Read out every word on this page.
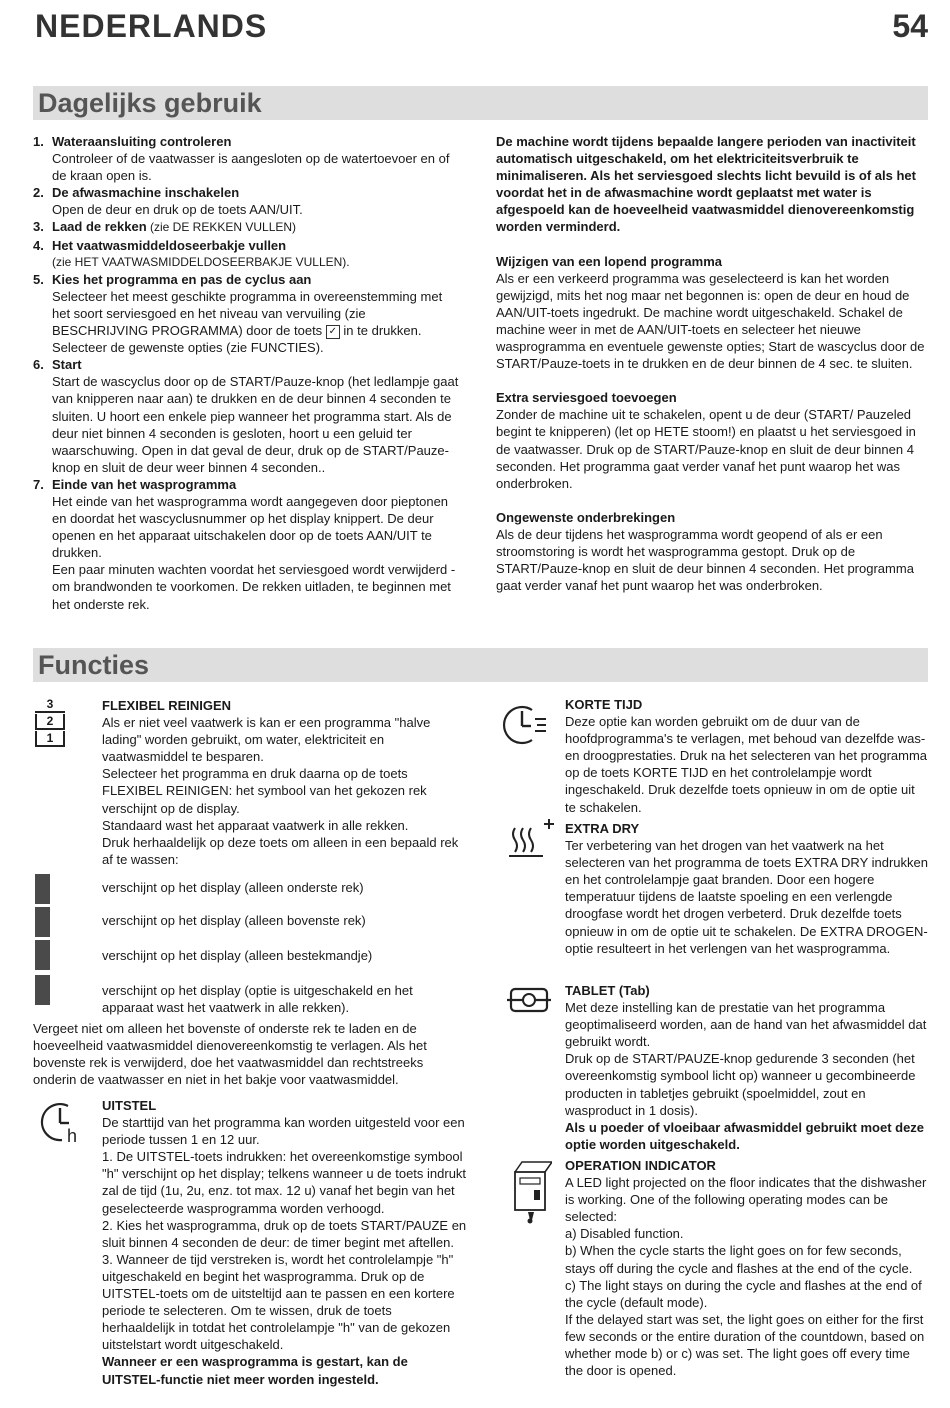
NEDERLANDS	54
Dagelijks gebruik
1. Wateraansluiting controleren
Controleer of de vaatwasser is aangesloten op de watertoevoer en of de kraan open is.
2. De afwasmachine inschakelen
Open de deur en druk op de toets AAN/UIT.
3. Laad de rekken (zie DE REKKEN VULLEN)
4. Het vaatwasmiddeldoseerbakje vullen
(zie HET VAATWASMIDDELDOSEERBAKJE VULLEN).
5. Kies het programma en pas de cyclus aan
Selecteer het meest geschikte programma in overeenstemming met het soort serviesgoed en het niveau van vervuiling (zie BESCHRIJVING PROGRAMMA) door de toets ✓ in te drukken. Selecteer de gewenste opties (zie FUNCTIES).
6. Start
Start de wascyclus door op de START/Pauze-knop (het ledlampje gaat van knipperen naar aan) te drukken en de deur binnen 4 seconden te sluiten. U hoort een enkele piep wanneer het programma start. Als de deur niet binnen 4 seconden is gesloten, hoort u een geluid ter waarschuwing. Open in dat geval de deur, druk op de START/Pauze-knop en sluit de deur weer binnen 4 seconden..
7. Einde van het wasprogramma
Het einde van het wasprogramma wordt aangegeven door pieptonen en doordat het wascyclusnummer op het display knippert. De deur openen en het apparaat uitschakelen door op de toets AAN/UIT te drukken.
Een paar minuten wachten voordat het serviesgoed wordt verwijderd - om brandwonden te voorkomen. De rekken uitladen, te beginnen met het onderste rek.
De machine wordt tijdens bepaalde langere perioden van inactiviteit automatisch uitgeschakeld, om het elektriciteitsverbruik te minimaliseren. Als het serviesgoed slechts licht bevuild is of als het voordat het in de afwasmachine wordt geplaatst met water is afgespoeld kan de hoeveelheid vaatwasmiddel dienovereenkomstig worden verminderd.
Wijzigen van een lopend programma
Als er een verkeerd programma was geselecteerd is kan het worden gewijzigd, mits het nog maar net begonnen is: open de deur en houd de AAN/UIT-toets ingedrukt. De machine wordt uitgeschakeld. Schakel de machine weer in met de AAN/UIT-toets en selecteer het nieuwe wasprogramma en eventuele gewenste opties; Start de wascyclus door de START/Pauze-toets in te drukken en de deur binnen de 4 sec. te sluiten.
Extra serviesgoed toevoegen
Zonder de machine uit te schakelen, opent u de deur (START/ Pauzeled begint te knipperen) (let op HETE stoom!) en plaatst u het serviesgoed in de vaatwasser. Druk op de START/Pauze-knop en sluit de deur binnen 4 seconden. Het programma gaat verder vanaf het punt waarop het was onderbroken.
Ongewenste onderbrekingen
Als de deur tijdens het wasprogramma wordt geopend of als er een stroomstoring is wordt het wasprogramma gestopt. Druk op de START/Pauze-knop en sluit de deur binnen 4 seconden. Het programma gaat verder vanaf het punt waarop het was onderbroken.
Functies
3
2
1
FLEXIBEL REINIGEN
Als er niet veel vaatwerk is kan er een programma "halve lading" worden gebruikt, om water, elektriciteit en vaatwasmiddel te besparen.
Selecteer het programma en druk daarna op de toets FLEXIBEL REINIGEN: het symbool van het gekozen rek verschijnt op de display.
Standaard wast het apparaat vaatwerk in alle rekken.
Druk herhaaldelijk op deze toets om alleen in een bepaald rek af te wassen:
verschijnt op het display (alleen onderste rek)
verschijnt op het display (alleen bovenste rek)
verschijnt op het display (alleen bestekmandje)
verschijnt op het display (optie is uitgeschakeld en het apparaat wast het vaatwerk in alle rekken).
Vergeet niet om alleen het bovenste of onderste rek te laden en de hoeveelheid vaatwasmiddel dienovereenkomstig te verlagen. Als het bovenste rek is verwijderd, doe het vaatwasmiddel dan rechtstreeks onderin de vaatwasser en niet in het bakje voor vaatwasmiddel.
h
UITSTEL
De starttijd van het programma kan worden uitgesteld voor een periode tussen 1 en 12 uur.
1. De UITSTEL-toets indrukken: het overeenkomstige symbool "h" verschijnt op het display; telkens wanneer u de toets indrukt zal de tijd (1u, 2u, enz. tot max. 12 u) vanaf het begin van het geselecteerde wasprogramma worden verhoogd.
2. Kies het wasprogramma, druk op de toets START/PAUZE en sluit binnen 4 seconden de deur: de timer begint met aftellen.
3. Wanneer de tijd verstreken is, wordt het controlelampje "h" uitgeschakeld en begint het wasprogramma. Druk op de UITSTEL-toets om de uitsteltijd aan te passen en een kortere periode te selecteren. Om te wissen, druk de toets herhaaldelijk in totdat het controlelampje "h" van de gekozen uitstelstart wordt uitgeschakeld.
Wanneer er een wasprogramma is gestart, kan de UITSTEL-functie niet meer worden ingesteld.
KORTE TIJD
Deze optie kan worden gebruikt om de duur van de hoofdprogramma's te verlagen, met behoud van dezelfde was- en droogprestaties. Druk na het selecteren van het programma op de toets KORTE TIJD en het controlelampje wordt ingeschakeld. Druk dezelfde toets opnieuw in om de optie uit te schakelen.
EXTRA DRY
Ter verbetering van het drogen van het vaatwerk na het selecteren van het programma de toets EXTRA DRY indrukken en het controlelampje gaat branden. Door een hogere temperatuur tijdens de laatste spoeling en een verlengde droogfase wordt het drogen verbeterd. Druk dezelfde toets opnieuw in om de optie uit te schakelen. De EXTRA DROGEN-optie resulteert in het verlengen van het wasprogramma.
TABLET (Tab)
Met deze instelling kan de prestatie van het programma geoptimaliseerd worden, aan de hand van het afwasmiddel dat gebruikt wordt.
Druk op de START/PAUZE-knop gedurende 3 seconden (het overeenkomstig symbool licht op) wanneer u gecombineerde producten in tabletjes gebruikt (spoelmiddel, zout en wasproduct in 1 dosis).
Als u poeder of vloeibaar afwasmiddel gebruikt moet deze optie worden uitgeschakeld.
OPERATION INDICATOR
A LED light projected on the floor indicates that the dishwasher is working. One of the following operating modes can be selected:
a) Disabled function.
b) When the cycle starts the light goes on for few seconds, stays off during the cycle and flashes at the end of the cycle.
c) The light stays on during the cycle and flashes at the end of the cycle (default mode).
If the delayed start was set, the light goes on either for the first few seconds or the entire duration of the countdown, based on whether mode b) or c) was set. The light goes off every time the door is opened.
